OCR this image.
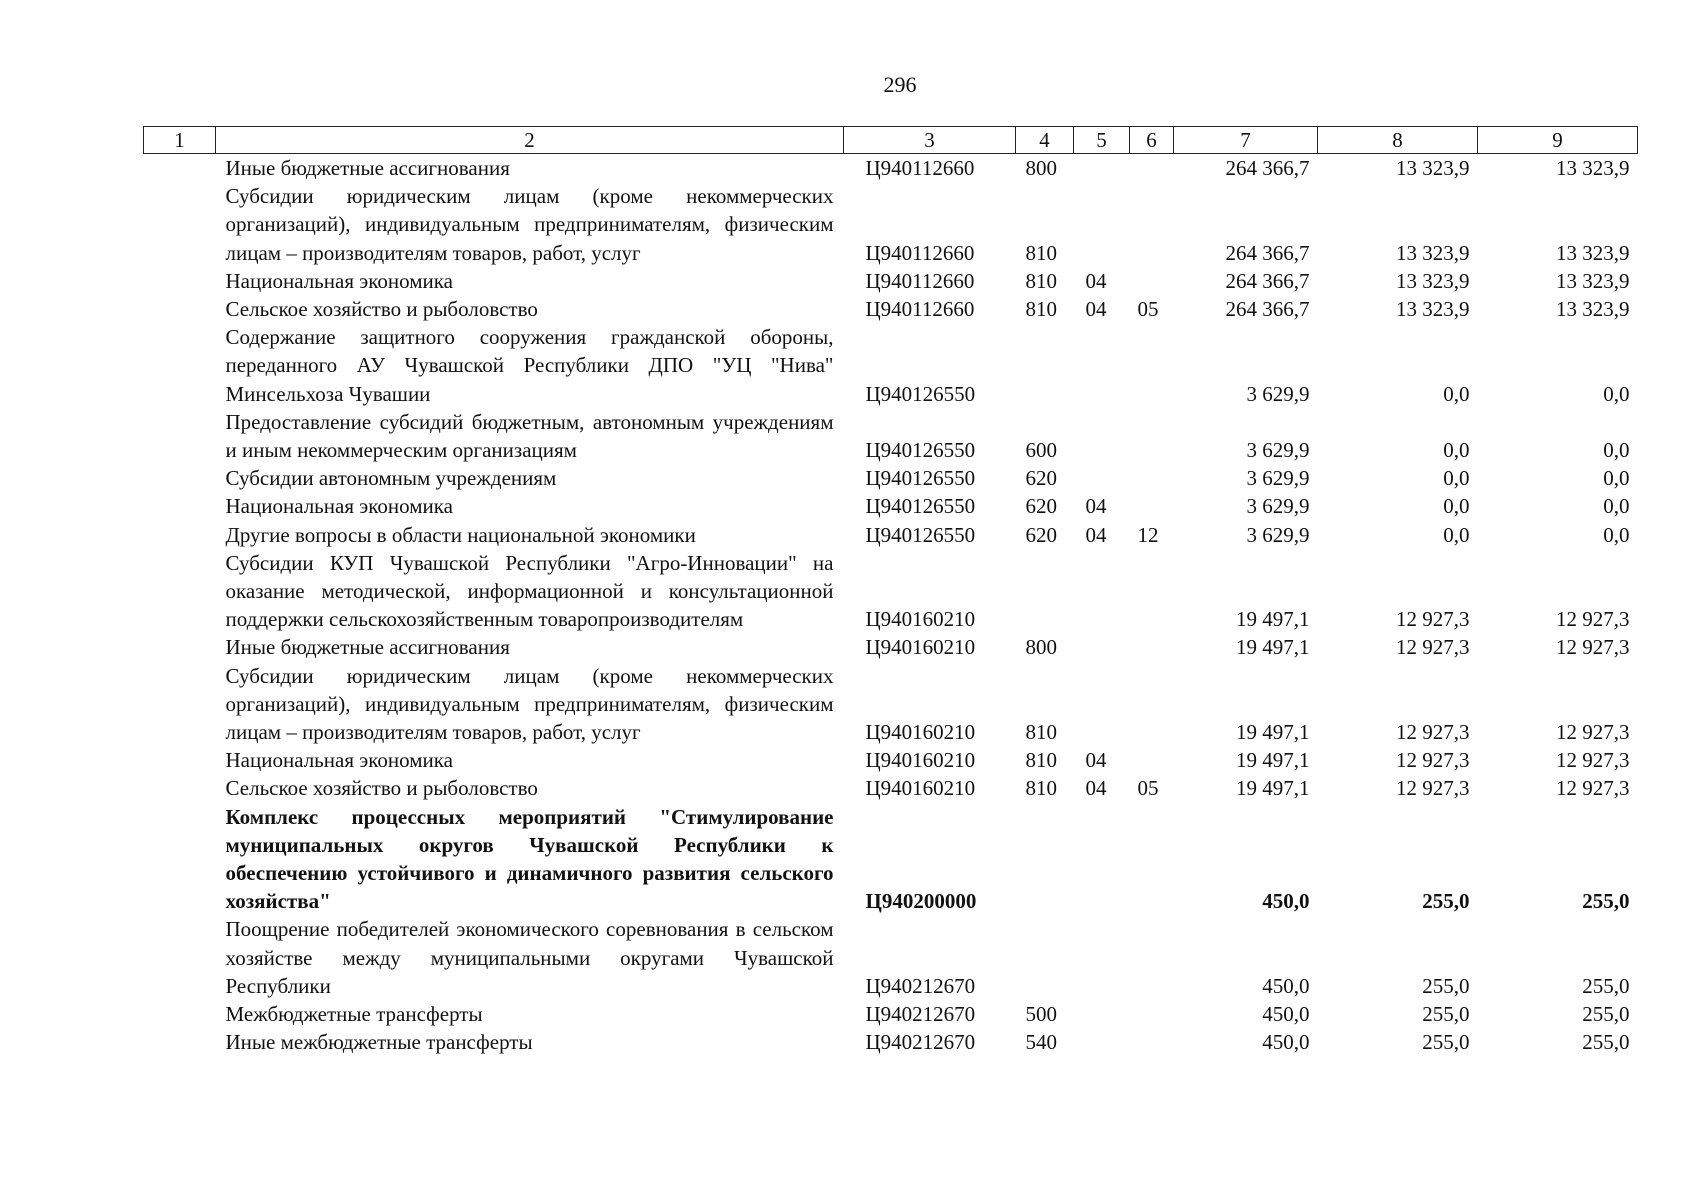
296
1	2	3	4	5	6	7	8	9
	Иные бюджетные ассигнования	Ц940112660	800			264 366,7	13 323,9	13 323,9
	Субсидии юридическим лицам (кроме некоммерческих организаций), индивидуальным предпринимателям, физическим лицам – производителям товаров, работ, услуг	Ц940112660	810			264 366,7	13 323,9	13 323,9
	Национальная экономика	Ц940112660	810	04		264 366,7	13 323,9	13 323,9
	Сельское хозяйство и рыболовство	Ц940112660	810	04	05	264 366,7	13 323,9	13 323,9
	Содержание защитного сооружения гражданской обороны, переданного АУ Чувашской Республики ДПО "УЦ "Нива" Минсельхоза Чувашии	Ц940126550				3 629,9	0,0	0,0
	Предоставление субсидий бюджетным, автономным учреждениям и иным некоммерческим организациям	Ц940126550	600			3 629,9	0,0	0,0
	Субсидии автономным учреждениям	Ц940126550	620			3 629,9	0,0	0,0
	Национальная экономика	Ц940126550	620	04		3 629,9	0,0	0,0
	Другие вопросы в области национальной экономики	Ц940126550	620	04	12	3 629,9	0,0	0,0
	Субсидии КУП Чувашской Республики "Агро-Инновации" на оказание методической, информационной и консультационной поддержки сельскохозяйственным товаропроизводителям	Ц940160210				19 497,1	12 927,3	12 927,3
	Иные бюджетные ассигнования	Ц940160210	800			19 497,1	12 927,3	12 927,3
	Субсидии юридическим лицам (кроме некоммерческих организаций), индивидуальным предпринимателям, физическим лицам – производителям товаров, работ, услуг	Ц940160210	810			19 497,1	12 927,3	12 927,3
	Национальная экономика	Ц940160210	810	04		19 497,1	12 927,3	12 927,3
	Сельское хозяйство и рыболовство	Ц940160210	810	04	05	19 497,1	12 927,3	12 927,3
	Комплекс процессных мероприятий "Стимулирование муниципальных округов Чувашской Республики к обеспечению устойчивого и динамичного развития сельского хозяйства"	Ц940200000				450,0	255,0	255,0
	Поощрение победителей экономического соревнования в сельском хозяйстве между муниципальными округами Чувашской Республики	Ц940212670				450,0	255,0	255,0
	Межбюджетные трансферты	Ц940212670	500			450,0	255,0	255,0
	Иные межбюджетные трансферты	Ц940212670	540			450,0	255,0	255,0
